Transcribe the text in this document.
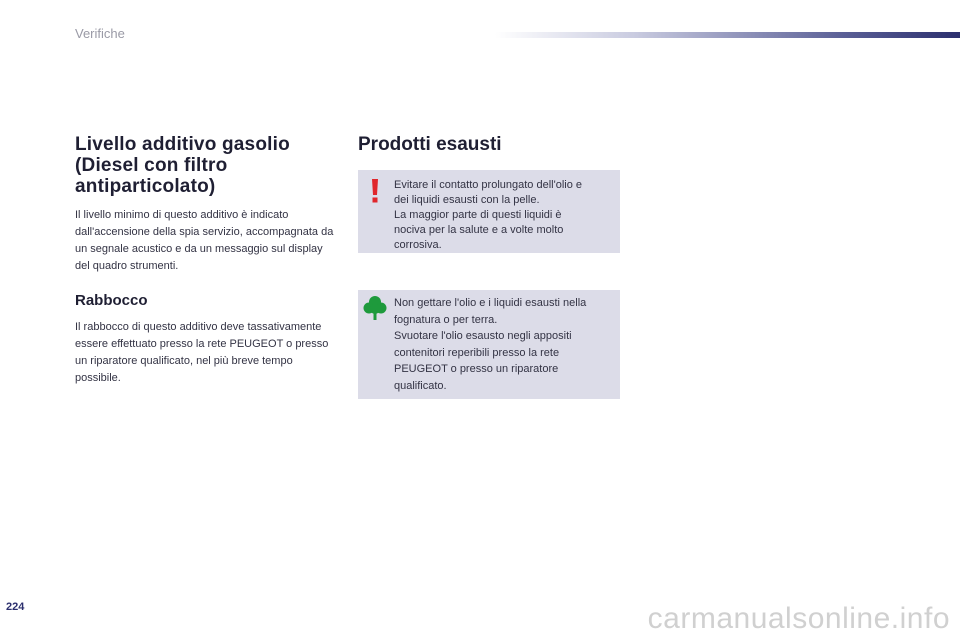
Verifiche
Livello additivo gasolio
(Diesel con filtro
antiparticolato)

Il livello minimo di questo additivo è indicato dall'accensione della spia servizio, accompagnata da un segnale acustico e da un messaggio sul display del quadro strumenti.

Rabbocco

Il rabbocco di questo additivo deve tassativamente essere effettuato presso la rete PEUGEOT o presso un riparatore qualificato, nel più breve tempo possibile.

Prodotti esausti

Evitare il contatto prolungato dell'olio e

dei liquidi esausti con la pelle.

La maggior parte di questi liquidi è

nociva per la salute e a volte molto

corrosiva.

Non gettare l'olio e i liquidi esausti nella

fognatura o per terra.

Svuotare l'olio esausto negli appositi

contenitori reperibili presso la rete

PEUGEOT o presso un riparatore

qualificato.

224	carmanualsonline.info
